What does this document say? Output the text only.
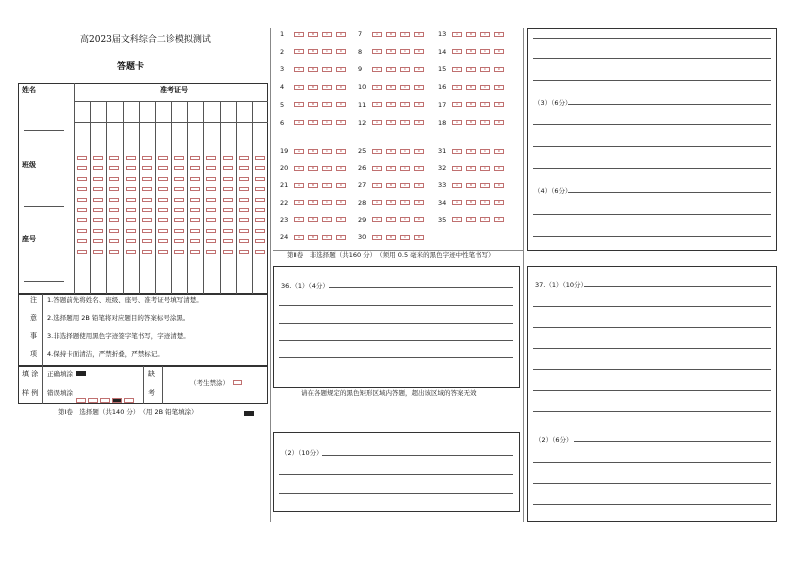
高2023届文科综合二诊模拟测试
答题卡
姓名
班级
座号
准考证号
注
意
事
项
1.答题前先将姓名、班级、座号、准考证号填写清楚。
2.选择题用 2B 铅笔将对应题目的答案标号涂黑。
3.非选择题使用黑色字迹签字笔书写，字迹清楚。
4.保持卡面清洁，严禁折叠，严禁标记。
填 涂
样 例
正确填涂
错误填涂
缺
考
（考生禁涂）
第Ⅰ卷　选择题（共140 分）　（用 2B 铅笔填涂）
1	A	B	C	D	7	A	B	C	D	13	A	B	C	D
2	A	B	C	D	8	A	B	C	D	14	A	B	C	D
3	A	B	C	D	9	A	B	C	D	15	A	B	C	D
4	A	B	C	D	10	A	B	C	D	16	A	B	C	D
5	A	B	C	D	11	A	B	C	D	17	A	B	C	D
6	A	B	C	D	12	A	B	C	D	18	A	B	C	D
19	A	B	C	D	25	A	B	C	D	31	A	B	C	D
20	A	B	C	D	26	A	B	C	D	32	A	B	C	D
21	A	B	C	D	27	A	B	C	D	33	A	B	C	D
22	A	B	C	D	28	A	B	C	D	34	A	B	C	D
23	A	B	C	D	29	A	B	C	D	35	A	B	C	D
24	A	B	C	D	30	A	B	C	D
第Ⅱ卷　非选择题（共160 分）　（须用 0.5 毫米的黑色字迹中性笔书写）
36.（1）（4分）
请在各题规定的黑色矩形区域内答题，超出该区域的答案无效
（2）（10分）
（3）（6分）
（4）（6分）
37.（1）（10分）
（2）（6分）
